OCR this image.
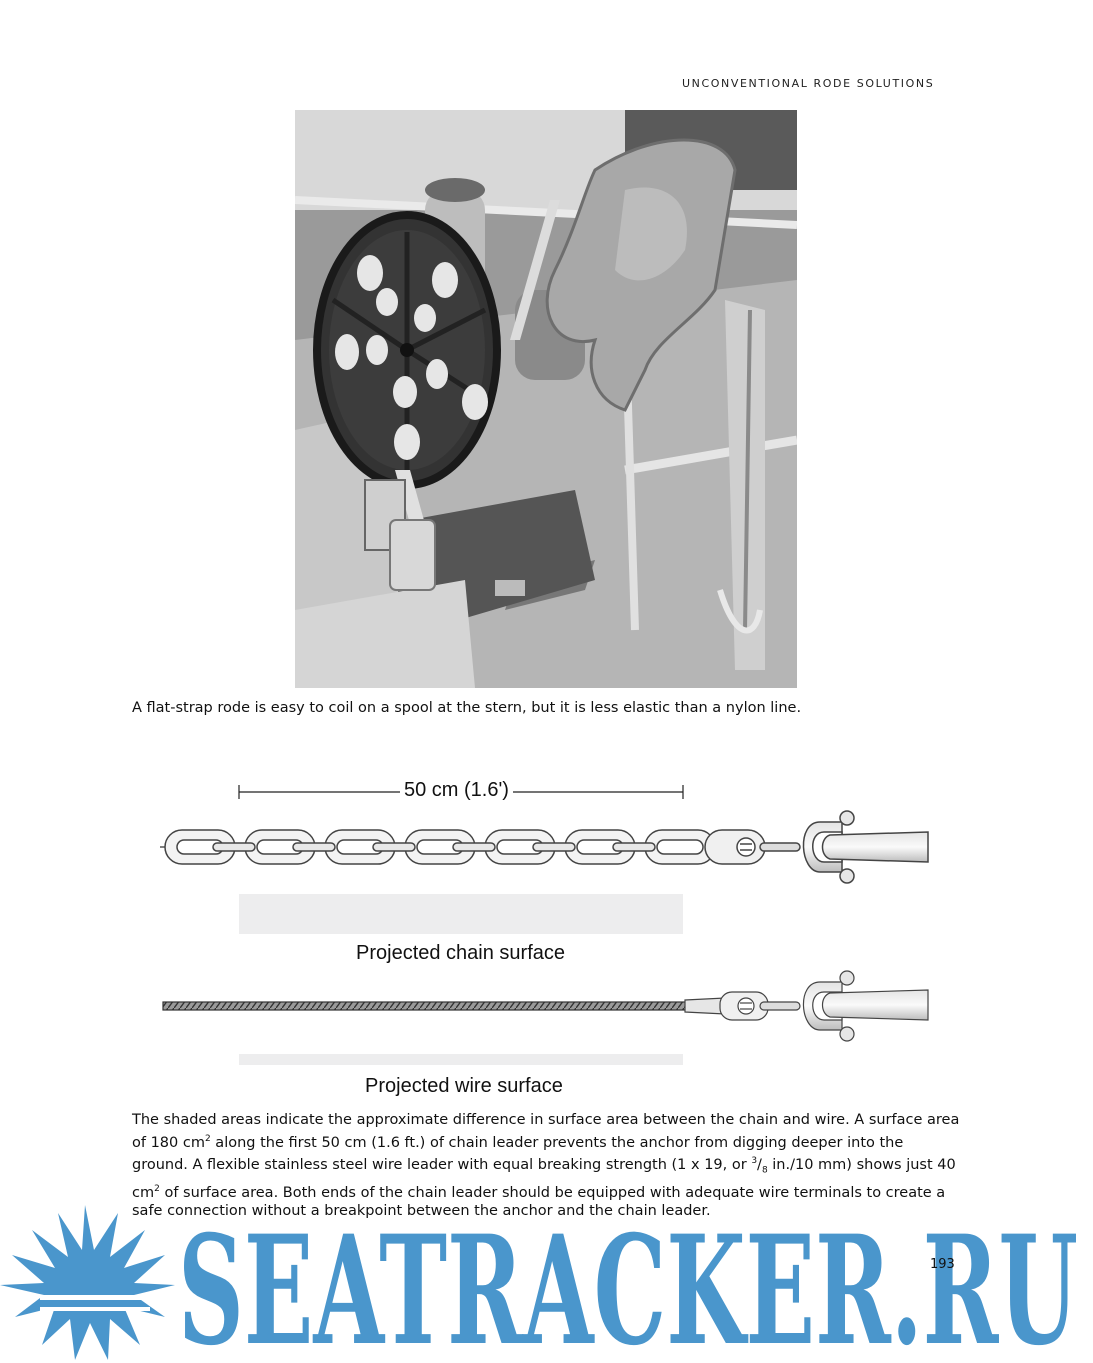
UNCONVENTIONAL RODE SOLUTIONS
A flat-strap rode is easy to coil on a spool at the stern, but it is less elastic than a nylon line.
50 cm (1.6')
Projected chain surface
Projected wire surface

The shaded areas indicate the approximate difference in surface area between the chain and wire. A surface area of 180 $cm^2$ along the first 50 cm (1.6 ft.) of chain leader prevents the anchor from digging deeper into the ground. A flexible stainless steel wire leader with equal breaking strength (1 x 19, or $^3/_8$ in./10 mm) shows just 40 $cm^2$ of surface area. Both ends of the chain leader should be equipped with adequate wire terminals to create a safe connection without a breakpoint between the anchor and the chain leader.

193
SEATRACKER.RU
